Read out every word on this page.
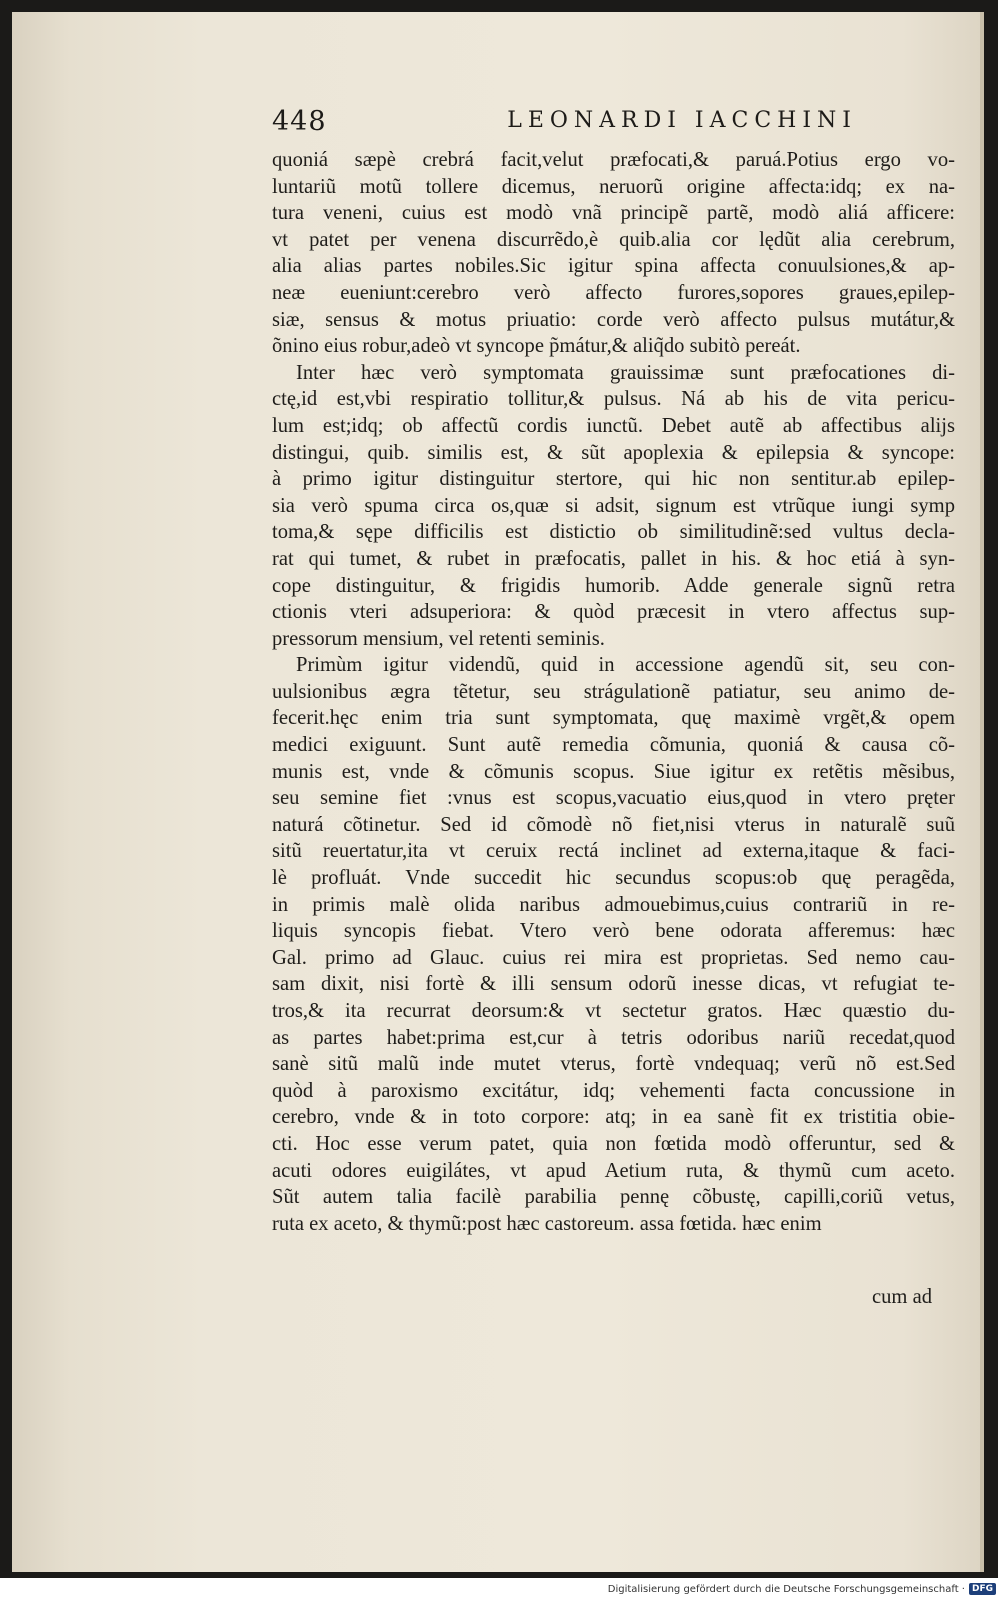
448	LEONARDI IACCHINI
quoniá sæpè crebrá facit,velut præfocati,& paruá.Potius ergo vo-
luntariũ motũ tollere dicemus, neruorũ origine affecta:idq; ex na-
tura veneni, cuius est modò vnã principẽ partẽ, modò aliá afficere:
vt patet per venena discurrẽdo,è quib.alia cor lędũt alia cerebrum,
alia alias partes nobiles.Sic igitur spina affecta conuulsiones,& ap-
neæ eueniunt:cerebro verò affecto furores,sopores graues,epilep-
siæ, sensus & motus priuatio: corde verò affecto pulsus mutátur,&
õnino eius robur,adeò vt syncope p̃mátur,& aliq̃do subitò pereát.
Inter hæc verò symptomata grauissimæ sunt præfocationes di-
ctę,id est,vbi respiratio tollitur,& pulsus. Ná ab his de vita pericu-
lum est;idq; ob affectũ cordis iunctũ. Debet autẽ ab affectibus alijs
distingui, quib. similis est, & sũt apoplexia & epilepsia & syncope:
à primo igitur distinguitur stertore, qui hic non sentitur.ab epilep-
sia verò spuma circa os,quæ si adsit, signum est vtrũque iungi symp
toma,& sępe difficilis est distictio ob similitudinẽ:sed vultus decla-
rat qui tumet, & rubet in præfocatis, pallet in his. & hoc etiá à syn-
cope distinguitur, & frigidis humorib. Adde generale signũ retra
ctionis vteri adsuperiora: & quòd præcesit in vtero affectus sup-
pressorum mensium, vel retenti seminis.
Primùm igitur videndũ, quid in accessione agendũ sit, seu con-
uulsionibus ægra tẽtetur, seu strágulationẽ patiatur, seu animo de-
fecerit.hęc enim tria sunt symptomata, quę maximè vrgẽt,& opem
medici exiguunt. Sunt autẽ remedia cõmunia, quoniá & causa cõ-
munis est, vnde & cõmunis scopus. Siue igitur ex retẽtis mẽsibus,
seu semine fiet :vnus est scopus,vacuatio eius,quod in vtero pręter
naturá cõtinetur. Sed id cõmodè nõ fiet,nisi vterus in naturalẽ suũ
sitũ reuertatur,ita vt ceruix rectá inclinet ad externa,itaque & faci-
lè profluát. Vnde succedit hic secundus scopus:ob quę peragẽda,
in primis malè olida naribus admouebimus,cuius contrariũ in re-
liquis syncopis fiebat. Vtero verò bene odorata afferemus: hæc
Gal. primo ad Glauc. cuius rei mira est proprietas. Sed nemo cau-
sam dixit, nisi fortè & illi sensum odorũ inesse dicas, vt refugiat te-
tros,& ita recurrat deorsum:& vt sectetur gratos. Hæc quæstio du-
as partes habet:prima est,cur à tetris odoribus nariũ recedat,quod
sanè sitũ malũ inde mutet vterus, fortè vndequaq; verũ nõ est.Sed
quòd à paroxismo excitátur, idq; vehementi facta concussione in
cerebro, vnde & in toto corpore: atq; in ea sanè fit ex tristitia obie-
cti. Hoc esse verum patet, quia non fœtida modò offeruntur, sed &
acuti odores euigilátes, vt apud Aetium ruta, & thymũ cum aceto.
Sũt autem talia facilè parabilia pennę cõbustę, capilli,coriũ vetus,
ruta ex aceto, & thymũ:post hæc castoreum. assa fœtida. hæc enim
cum ad
Digitalisierung gefördert durch die Deutsche Forschungsgemeinschaft · DFG
